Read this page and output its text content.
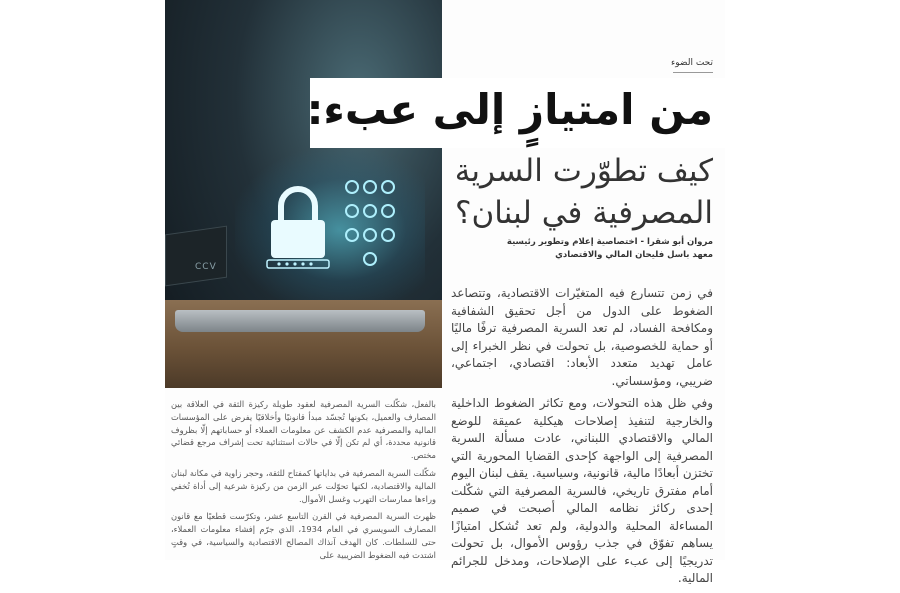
CCV
تحت الضوء
من امتيازٍ إلى عبء:
كيف تطوّرت السرية المصرفية في لبنان؟
مروان أبو شقرا - اختصاصية إعلام وتطوير رئيسية
معهد باسل فليحان المالي والاقتصادي

في زمن تتسارع فيه المتغيّرات الاقتصادية، وتتصاعد الضغوط على الدول من أجل تحقيق الشفافية ومكافحة الفساد، لم تعد السرية المصرفية ترفًا ماليًا أو حماية للخصوصية، بل تحولت في نظر الخبراء إلى عامل تهديد متعدد الأبعاد: اقتصادي، اجتماعي، ضريبي، ومؤسساتي.

وفي ظل هذه التحولات، ومع تكاثر الضغوط الداخلية والخارجية لتنفيذ إصلاحات هيكلية عميقة للوضع المالي والاقتصادي اللبناني، عادت مسألة السرية المصرفية إلى الواجهة كإحدى القضايا المحورية التي تختزن أبعادًا مالية، قانونية، وسياسية. يقف لبنان اليوم أمام مفترق تاريخي، فالسرية المصرفية التي شكّلت إحدى ركائز نظامه المالي أصبحت في صميم المساءلة المحلية والدولية، ولم تعد تُشكل امتيازًا يساهم تفوّق في جذب رؤوس الأموال، بل تحولت تدريجيًا إلى عبء على الإصلاحات، ومدخل للجرائم المالية.

بالفعل، شكّلت السرية المصرفية لعقود طويلة ركيزة الثقة في العلاقة بين المصارف والعميل، بكونها تُجسّد مبدأ قانونيًا وأخلاقيًا يفرض على المؤسسات المالية والمصرفية عدم الكشف عن معلومات العملاء أو حساباتهم إلّا بظروف قانونية محددة، أي لم تكن إلّا في حالات استثنائية تحت إشراف مرجع قضائي مختص.

شكّلت السرية المصرفية في بداياتها كمفتاح للثقة، وحجر زاوية في مكانة لبنان المالية والاقتصادية، لكنها تحوّلت عبر الزمن من ركيزة شرعية إلى أداة تُخفي وراءها ممارسات التهرب وغسل الأموال.

ظهرت السرية المصرفية في القرن التاسع عشر، وتكرّست قطعيًا مع قانون المصارف السويسري في العام 1934، الذي جرّم إفشاء معلومات العملاء، حتى للسلطات. كان الهدف آنذاك المصالح الاقتصادية والسياسية، في وقتٍ اشتدت فيه الضغوط الضريبية على
